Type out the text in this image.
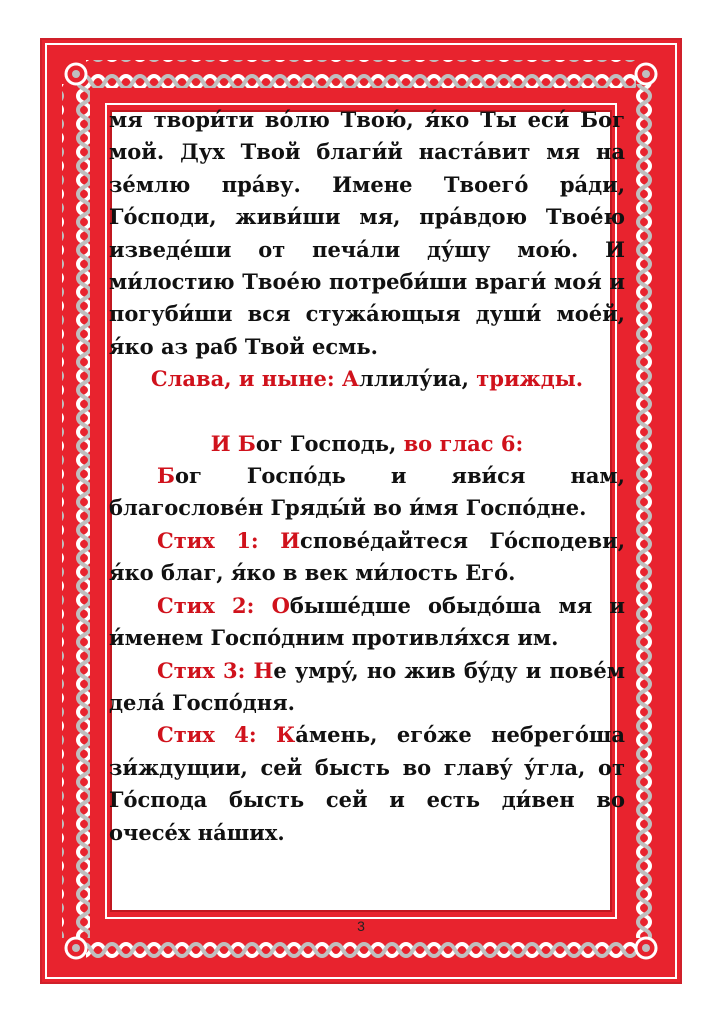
мя твори́ти во́лю Твою́, я́ко Ты еси́ Бог мой. Дух Твой благи́й наста́вит мя на зе́млю пра́ву. Имене Твоего́ ра́ди, Го́споди, живи́ши мя, пра́вдою Твое́ю изведе́ши от печа́ли ду́шу мою́. И ми́лостию Твое́ю потреби́ши враги́ моя́ и погуби́ши вся стужа́ющыя души́ мое́й, я́ко аз раб Твой есмь.

Слава, и ныне: Аллилу́иа, трижды.

И Бог Господь, во глас 6:

Бог Госпо́дь и яви́ся нам, благослове́н Гряды́й во и́мя Госпо́дне.

Стих 1: Исповéдайтеся Гóсподеви, я́ко благ, я́ко в век ми́лость Его́.

Стих 2: Обышéдше обыдóша мя и и́менем Госпóдним противля́хся им.

Стих 3: Не умрý, но жив бýду и повéм делá Госпóдня.

Стих 4: Кáмень, егóже небрегóша зи́ждущии, сей бысть во главý ýгла, от Гóспода бысть сей и есть ди́вен во очесéх нáших.

3
